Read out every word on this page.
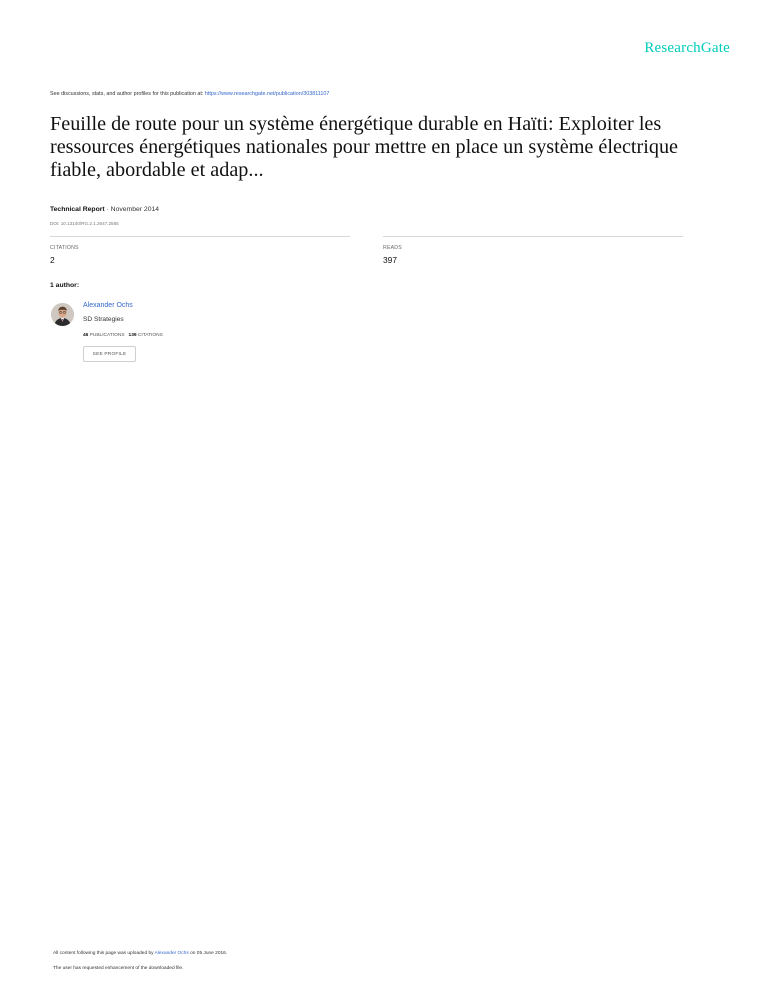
ResearchGate
See discussions, stats, and author profiles for this publication at: https://www.researchgate.net/publication/303811107
Feuille de route pour un système énergétique durable en Haïti: Exploiter les ressources énergétiques nationales pour mettre en place un système électrique fiable, abordable et adap...
Technical Report · November 2014
DOI: 10.13140/RG.2.1.2647.2565
CITATIONS
2
READS
397
1 author:
Alexander Ochs
SD Strategies
46 PUBLICATIONS 139 CITATIONS
SEE PROFILE
All content following this page was uploaded by Alexander Ochs on 05 June 2016.
The user has requested enhancement of the downloaded file.
